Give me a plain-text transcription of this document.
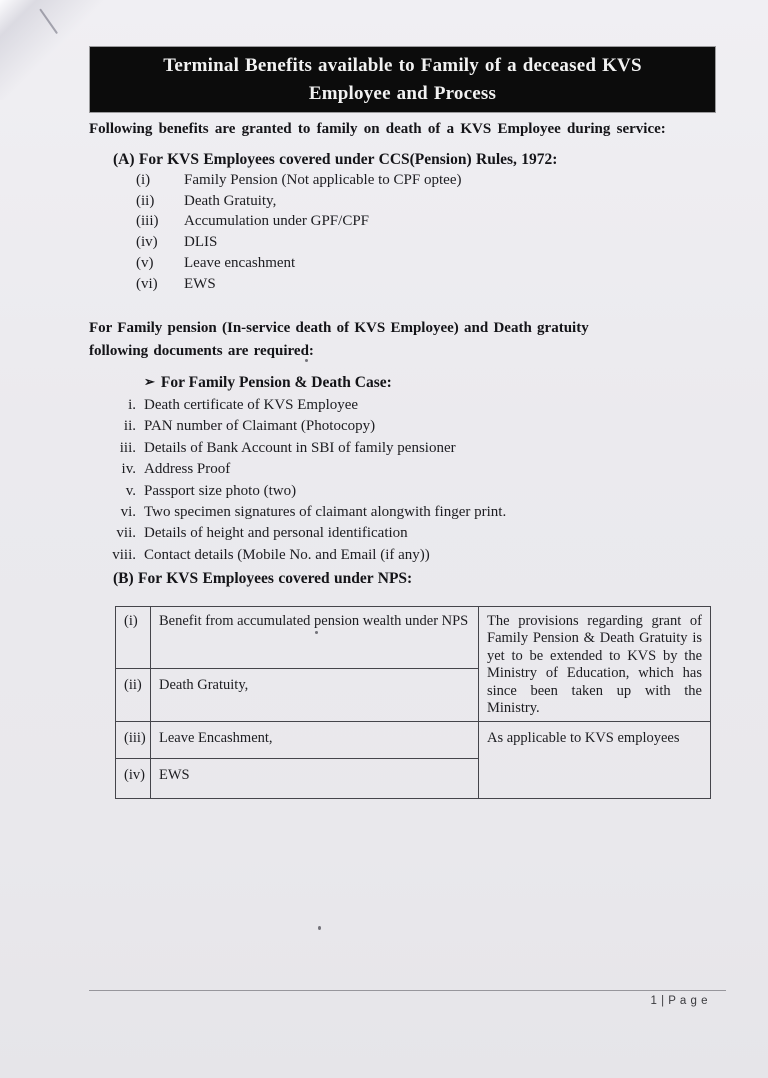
Terminal Benefits available to Family of a deceased KVS
Employee and Process

Following benefits are granted to family on death of a KVS Employee during service:

(A) For KVS Employees covered under CCS(Pension) Rules, 1972:
(i) Family Pension (Not applicable to CPF optee)
(ii) Death Gratuity,
(iii) Accumulation under GPF/CPF
(iv) DLIS
(v) Leave encashment
(vi) EWS
For Family pension (In-service death of KVS Employee) and Death gratuity
following documents are required:
➢ For Family Pension & Death Case:
i. Death certificate of KVS Employee
ii. PAN number of Claimant (Photocopy)
iii. Details of Bank Account in SBI of family pensioner
iv. Address Proof
v. Passport size photo (two)
vi. Two specimen signatures of claimant alongwith finger print.
vii. Details of height and personal identification
viii. Contact details (Mobile No. and Email (if any))
(B) For KVS Employees covered under NPS:
(i)	Benefit from accumulated pension wealth under NPS	The provisions regarding grant of Family Pension & Death Gratuity is yet to be extended to KVS by the Ministry of Education, which has since been taken up with the Ministry.
(ii)	Death Gratuity,	
(iii)	Leave Encashment,	As applicable to KVS employees
(iv)	EWS	
1 | P a g e
